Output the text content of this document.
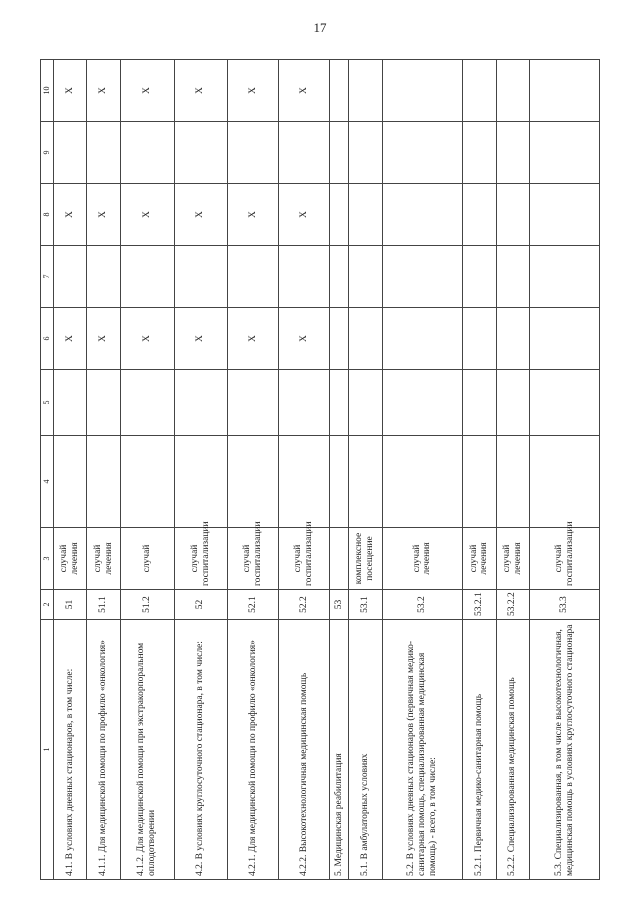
17
1	2	3	4	5	6	7	8	9	10
4.1. В условиях дневных стационаров, в том числе:	51	случай лечения			X		X		X
4.1.1. Для медицинской помощи по профилю «онкология»	51.1	случай лечения			X		X		X
4.1.2. Для медицинской помощи при экстракорпоральном оплодотворении	51.2	случай			X		X		X
4.2. В условиях круглосуточного стационара, в том числе:	52	случай госпитализации			X		X		X
4.2.1. Для медицинской помощи по профилю «онкология»	52.1	случай госпитализации			X		X		X
4.2.2. Высокотехнологичная медицинская помощь	52.2	случай госпитализации			X		X		X
5. Медицинская реабилитация	53								
5.1. В амбулаторных условиях	53.1	комплексное посещение							
5.2. В условиях дневных стационаров (первичная медико-санитарная помощь, специализированная медицинская помощь) - всего, в том числе:	53.2	случай лечения							
5.2.1. Первичная медико-санитарная помощь	53.2.1	случай лечения							
5.2.2. Специализированная медицинская помощь	53.2.2	случай лечения							
5.3. Специализированная, в том числе высокотехнологичная, медицинская помощь в условиях круглосуточного стационара	53.3	случай госпитализации							
